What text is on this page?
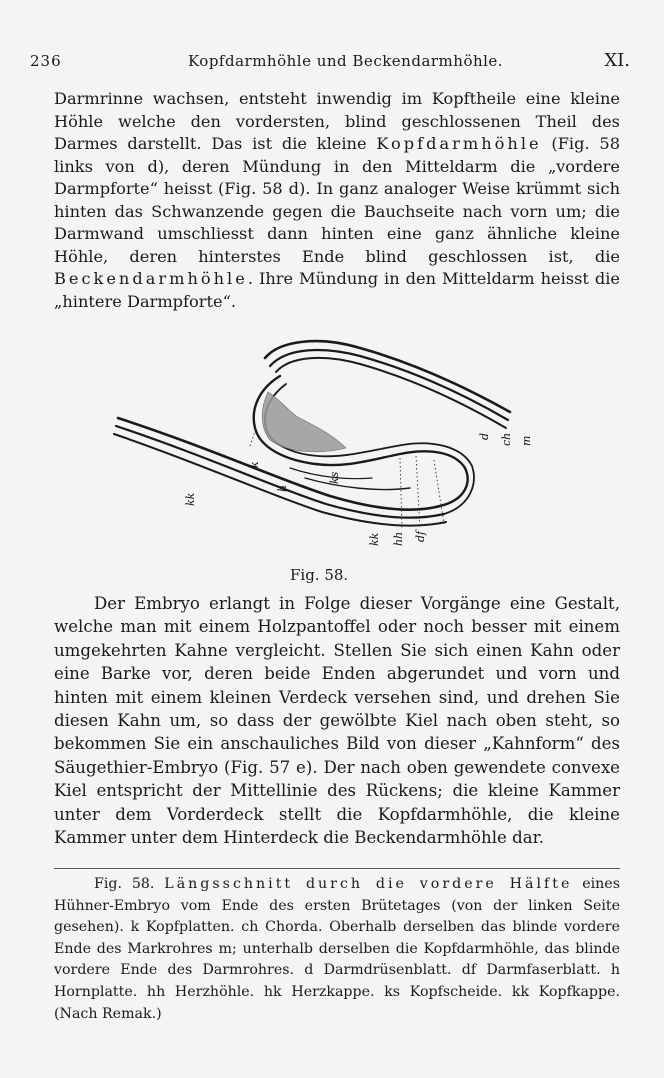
236	Kopfdarmhöhle und Beckendarmhöhle.	XI.

Darmrinne wachsen, entsteht inwendig im Kopftheile eine kleine Höhle welche den vordersten, blind geschlossenen Theil des Darmes darstellt. Das ist die kleine Kopfdarmhöhle (Fig. 58 links von d), deren Mündung in den Mitteldarm die „vordere Darmpforte“ heisst (Fig. 58 d). In ganz analoger Weise krümmt sich hinten das Schwanzende gegen die Bauchseite nach vorn um; die Darmwand umschliesst dann hinten eine ganz ähnliche kleine Höhle, deren hinterstes Ende blind geschlossen ist, die Beckendarmhöhle. Ihre Mündung in den Mitteldarm heisst die „hintere Darmpforte“.

d ch m
k
h
ks
kk
kk hh df
Fig. 58.

Der Embryo erlangt in Folge dieser Vorgänge eine Gestalt, welche man mit einem Holzpantoffel oder noch besser mit einem umgekehrten Kahne vergleicht. Stellen Sie sich einen Kahn oder eine Barke vor, deren beide Enden abgerundet und vorn und hinten mit einem kleinen Verdeck versehen sind, und drehen Sie diesen Kahn um, so dass der gewölbte Kiel nach oben steht, so bekommen Sie ein anschauliches Bild von dieser „Kahnform“ des Säugethier-Embryo (Fig. 57 e). Der nach oben gewendete convexe Kiel entspricht der Mittellinie des Rückens; die kleine Kammer unter dem Vorderdeck stellt die Kopfdarmhöhle, die kleine Kammer unter dem Hinterdeck die Beckendarmhöhle dar.

Fig. 58. Längsschnitt durch die vordere Hälfte eines Hühner-Embryo vom Ende des ersten Brütetages (von der linken Seite gesehen). k Kopfplatten. ch Chorda. Oberhalb derselben das blinde vordere Ende des Markrohres m; unterhalb derselben die Kopfdarmhöhle, das blinde vordere Ende des Darmrohres. d Darmdrüsenblatt. df Darmfaserblatt. h Hornplatte. hh Herzhöhle. hk Herzkappe. ks Kopfscheide. kk Kopfkappe. (Nach Remak.)
